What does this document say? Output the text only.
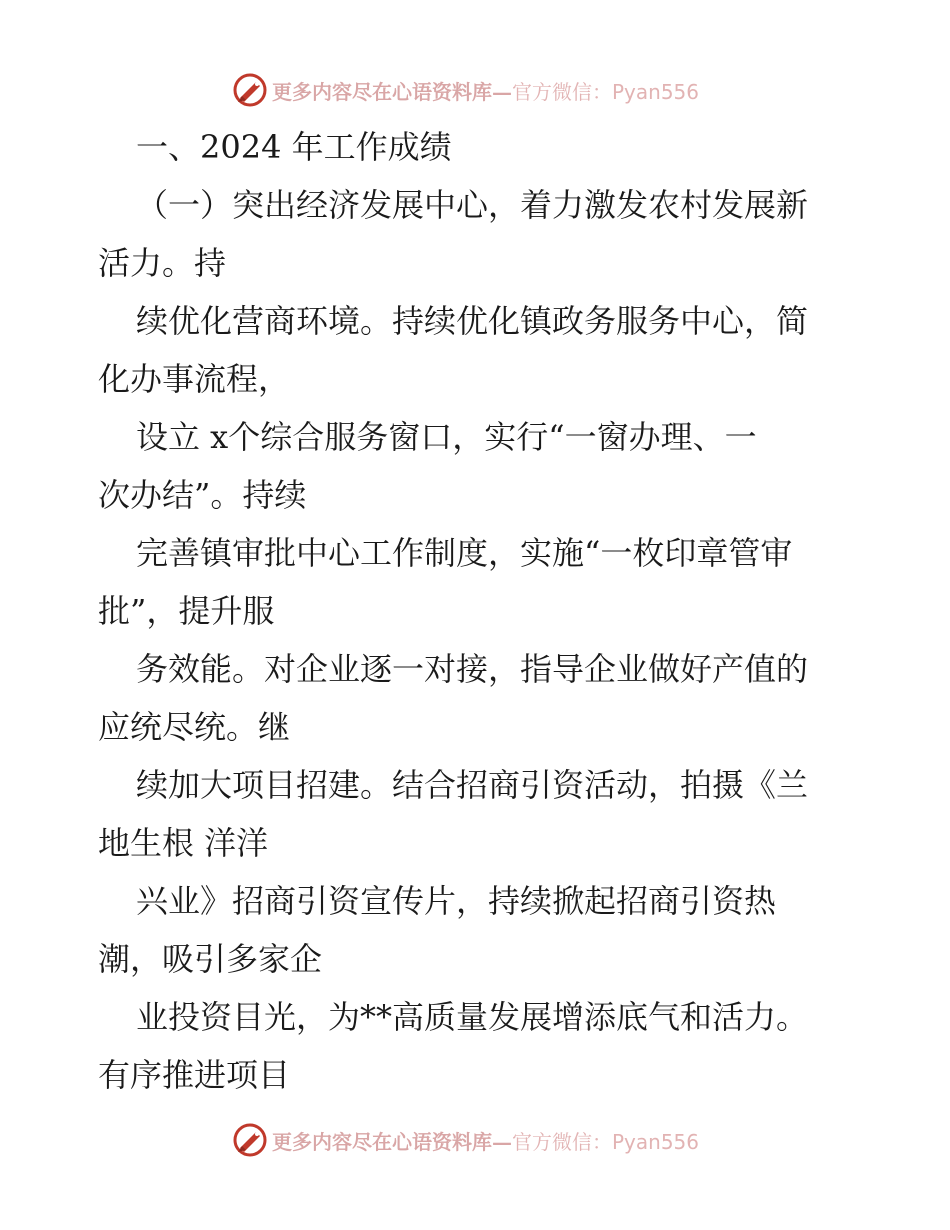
更多内容尽在心语资料库—官方微信：Pyan556
一、2024 年工作成绩
（一）突出经济发展中心，着力激发农村发展新
活力。持
续优化营商环境。持续优化镇政务服务中心，简
化办事流程，
设立 x个综合服务窗口，实行“一窗办理、一
次办结”。持续
完善镇审批中心工作制度，实施“一枚印章管审
批”，提升服
务效能。对企业逐一对接，指导企业做好产值的
应统尽统。继
续加大项目招建。结合招商引资活动，拍摄《兰
地生根 洋洋
兴业》招商引资宣传片，持续掀起招商引资热
潮，吸引多家企
业投资目光，为**高质量发展增添底气和活力。
有序推进项目
更多内容尽在心语资料库—官方微信：Pyan556
